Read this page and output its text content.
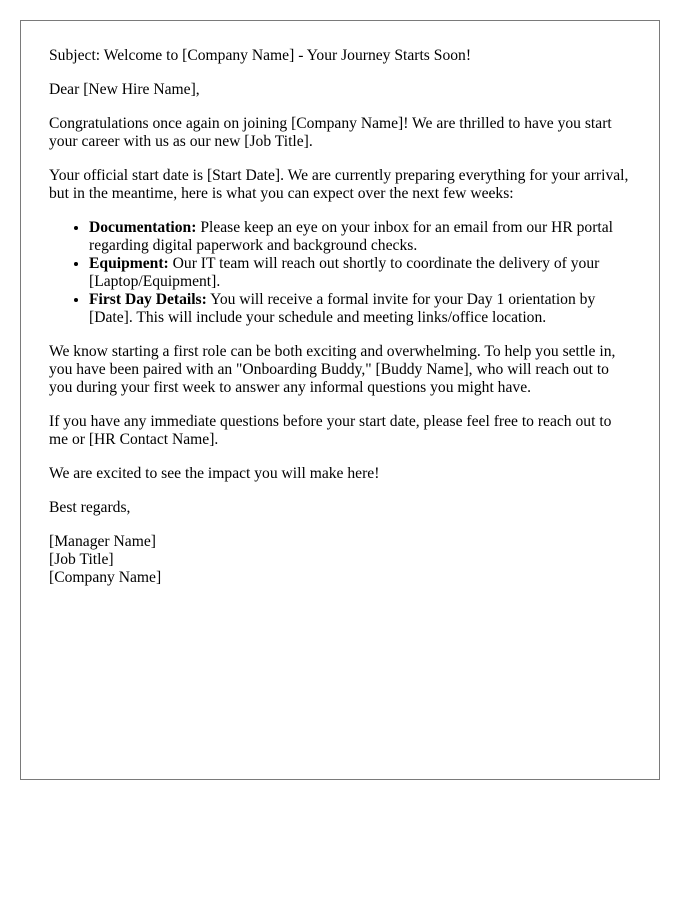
Subject: Welcome to [Company Name] - Your Journey Starts Soon!

Dear [New Hire Name],

Congratulations once again on joining [Company Name]! We are thrilled to have you start your career with us as our new [Job Title].

Your official start date is [Start Date]. We are currently preparing everything for your arrival, but in the meantime, here is what you can expect over the next few weeks:

• Documentation: Please keep an eye on your inbox for an email from our HR portal regarding digital paperwork and background checks.
• Equipment: Our IT team will reach out shortly to coordinate the delivery of your [Laptop/Equipment].
• First Day Details: You will receive a formal invite for your Day 1 orientation by [Date]. This will include your schedule and meeting links/office location.

We know starting a first role can be both exciting and overwhelming. To help you settle in, you have been paired with an "Onboarding Buddy," [Buddy Name], who will reach out to you during your first week to answer any informal questions you might have.

If you have any immediate questions before your start date, please feel free to reach out to me or [HR Contact Name].

We are excited to see the impact you will make here!

Best regards,

[Manager Name]
[Job Title]
[Company Name]
